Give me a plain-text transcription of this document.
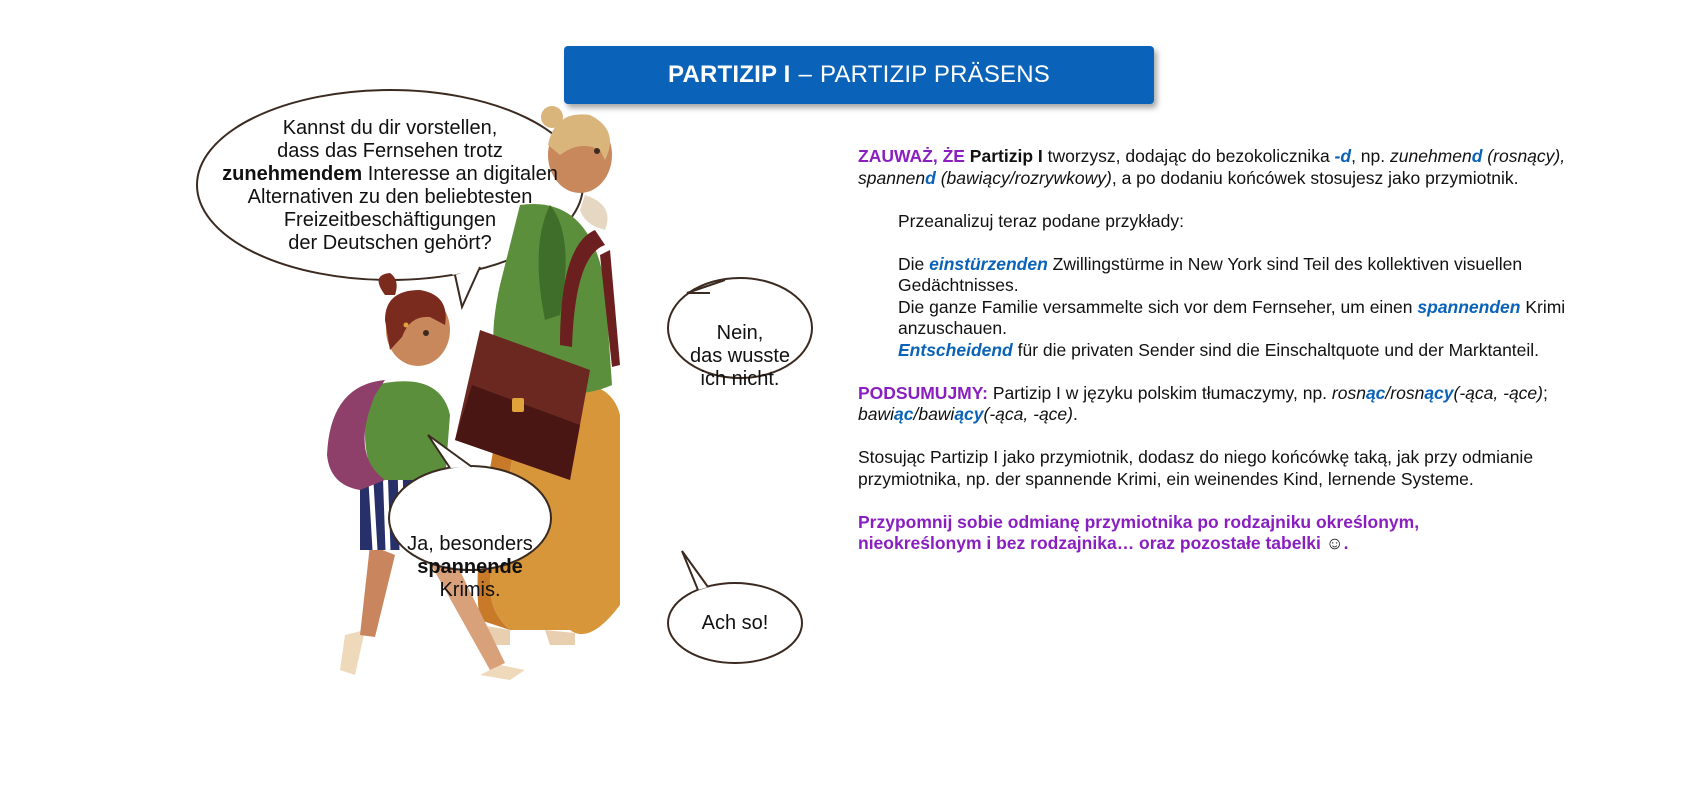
PARTIZIP I – PARTIZIP PRÄSENS
Kannst du dir vorstellen,
dass das Fernsehen trotz
zunehmendem Interesse an digitalen
Alternativen zu den beliebtesten
Freizeitbeschäftigungen
der Deutschen gehört?
Nein,
das wusste
ich nicht.
Ja, besonders
spannende
Krimis.
Ach so!

ZAUWAŻ, ŻE Partizip I tworzysz, dodając do bezokolicznika -d, np. zunehmend (rosnący),
spannend (bawiący/rozrywkowy), a po dodaniu końcówek stosujesz jako przymiotnik.

Przeanalizuj teraz podane przykłady:

Die einstürzenden Zwillingstürme in New York sind Teil des kollektiven visuellen
Gedächtnisses.

Die ganze Familie versammelte sich vor dem Fernseher, um einen spannenden Krimi
anzuschauen.

Entscheidend für die privaten Sender sind die Einschaltquote und der Marktanteil.

PODSUMUJMY: Partizip I w języku polskim tłumaczymy, np. rosnąc/rosnący(-ąca, -ące);
bawiąc/bawiący(-ąca, -ące).

Stosując Partizip I jako przymiotnik, dodasz do niego końcówkę taką, jak przy odmianie
przymiotnika, np. der spannende Krimi, ein weinendes Kind, lernende Systeme.

Przypomnij sobie odmianę przymiotnika po rodzajniku określonym,
nieokreślonym i bez rodzajnika… oraz pozostałe tabelki ☺.
